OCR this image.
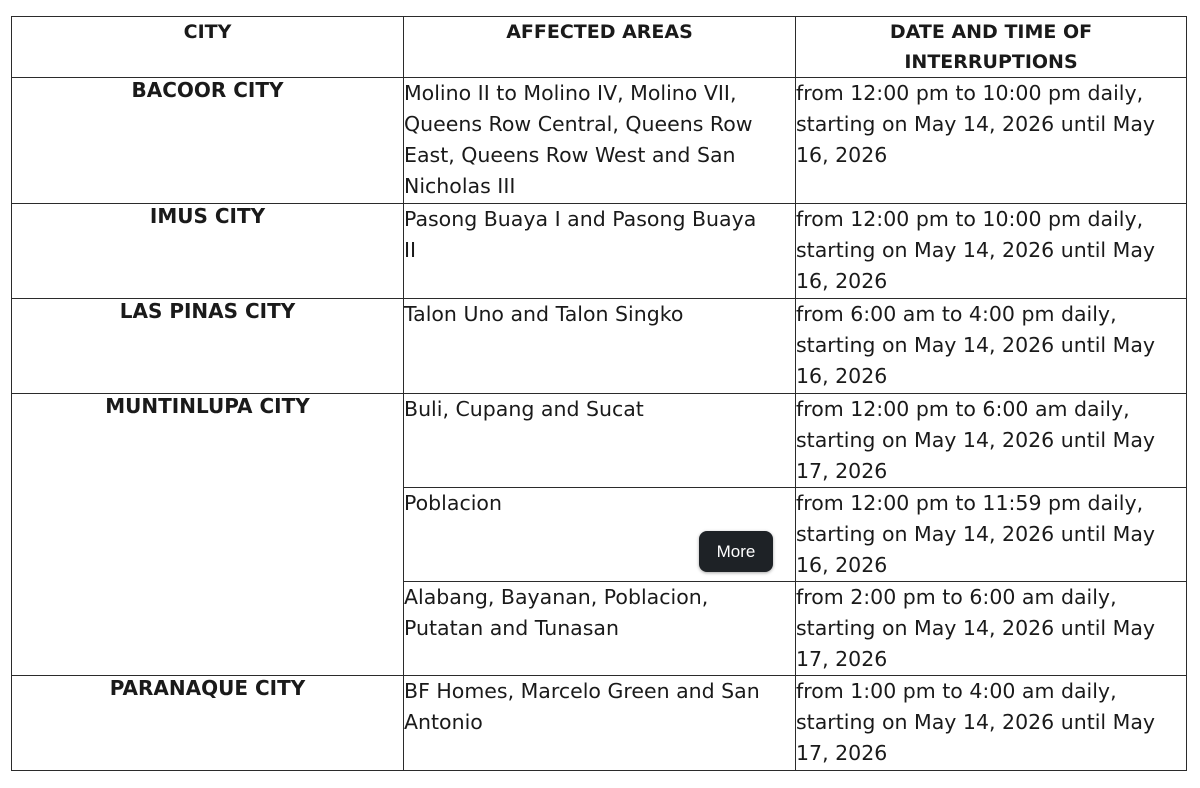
CITY	AFFECTED AREAS	DATE AND TIME OF
INTERRUPTIONS

BACOOR CITY	Molino II to Molino IV, Molino VII,
Queens Row Central, Queens Row
East, Queens Row West and San
Nicholas III	from 12:00 pm to 10:00 pm daily,
starting on May 14, 2026 until May
16, 2026

IMUS CITY	Pasong Buaya I and Pasong Buaya
II	from 12:00 pm to 10:00 pm daily,
starting on May 14, 2026 until May
16, 2026

LAS PINAS CITY	Talon Uno and Talon Singko	from 6:00 am to 4:00 pm daily,
starting on May 14, 2026 until May
16, 2026

MUNTINLUPA CITY	Buli, Cupang and Sucat	from 12:00 pm to 6:00 am daily,
starting on May 14, 2026 until May
17, 2026

	Poblacion
More	from 12:00 pm to 11:59 pm daily,
starting on May 14, 2026 until May
16, 2026

	Alabang, Bayanan, Poblacion,
Putatan and Tunasan	from 2:00 pm to 6:00 am daily,
starting on May 14, 2026 until May
17, 2026

PARANAQUE CITY	BF Homes, Marcelo Green and San
Antonio	from 1:00 pm to 4:00 am daily,
starting on May 14, 2026 until May
17, 2026
